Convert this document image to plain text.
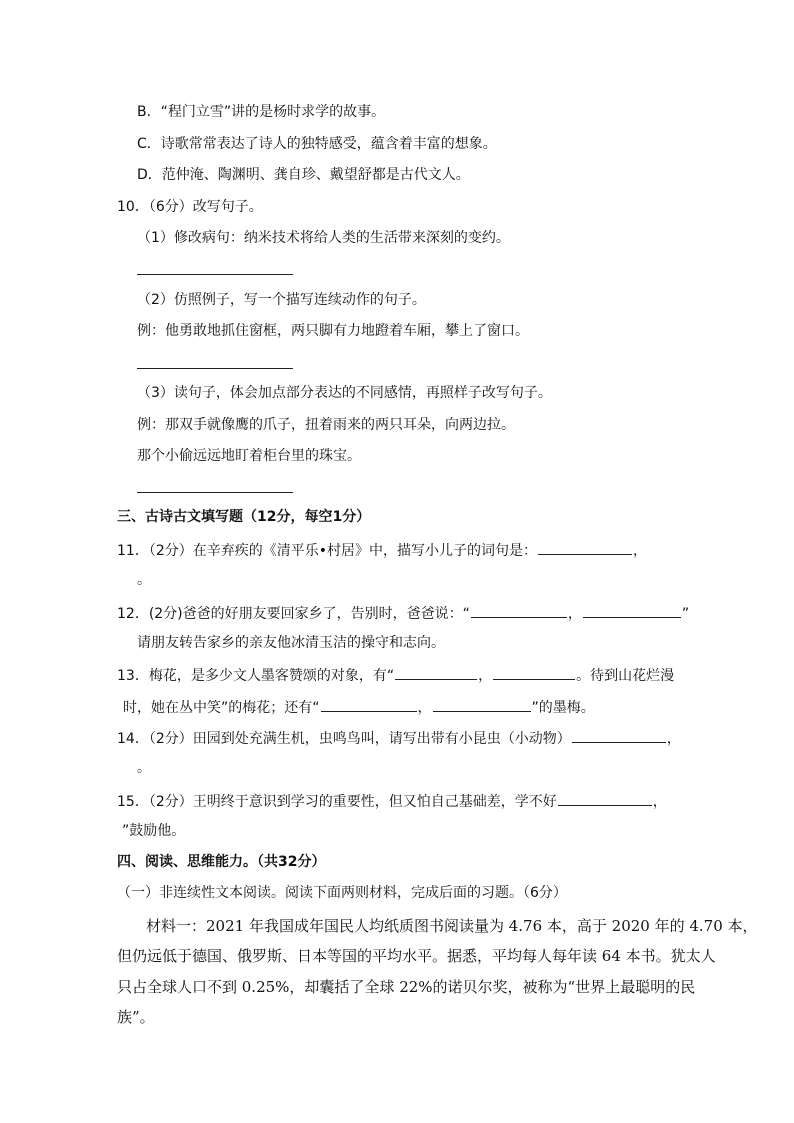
B．“程门立雪”讲的是杨时求学的故事。
C．诗歌常常表达了诗人的独特感受，蕴含着丰富的想象。
D．范仲淹、陶渊明、龚自珍、戴望舒都是古代文人。
10．（6分）改写句子。
（1）修改病句：纳米技术将给人类的生活带来深刻的变约。
（2）仿照例子，写一个描写连续动作的句子。
例：他勇敢地抓住窗框，两只脚有力地蹬着车厢，攀上了窗口。
（3）读句子，体会加点部分表达的不同感情，再照样子改写句子。
例：那双手就像鹰的爪子，扭着雨来的两只耳朵，向两边拉。
那个小偷远远地盯着柜台里的珠宝。
三、古诗古文填写题（12分，每空1分）
11．（2分）在辛弃疾的《清平乐•村居》中，描写小儿子的词句是：	，
。
12．(2分)爸爸的好朋友要回家乡了，告别时，爸爸说：“	，	”
请朋友转告家乡的亲友他冰清玉洁的操守和志向。
13．梅花，是多少文人墨客赞颂的对象，有“	，	。待到山花烂漫
时，她在丛中笑”的梅花；还有“	，	”的墨梅。
14．（2分）田园到处充满生机，虫鸣鸟叫，请写出带有小昆虫（小动物）	，
。
15．（2分）王明终于意识到学习的重要性，但又怕自己基础差，学不好	，
”鼓励他。
四、阅读、思维能力。（共32分）
（一）非连续性文本阅读。阅读下面两则材料，完成后面的习题。（6分）
材料一：2021 年我国成年国民人均纸质图书阅读量为 4.76 本，高于 2020 年的 4.70 本，
但仍远低于德国、俄罗斯、日本等国的平均水平。据悉，平均每人每年读 64 本书。犹太人
只占全球人口不到 0.25%，却囊括了全球 22%的诺贝尔奖，被称为“世界上最聪明的民
族”。
